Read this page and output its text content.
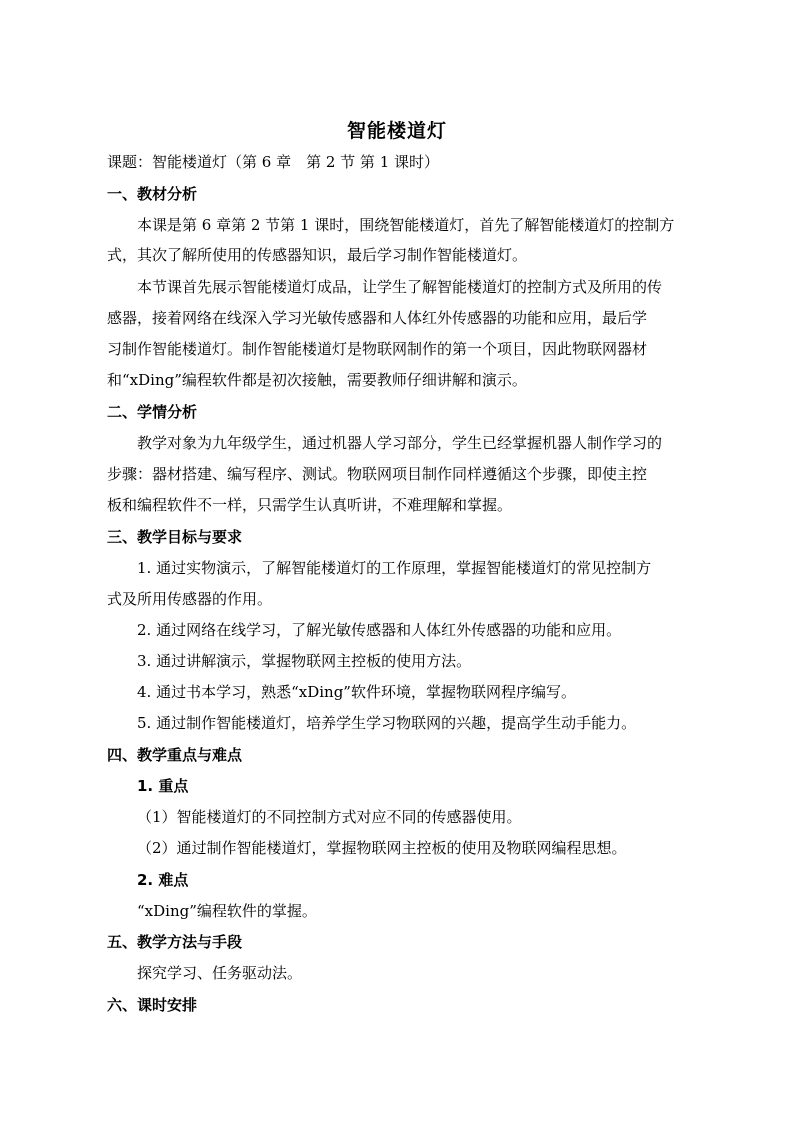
智能楼道灯
课题：智能楼道灯（第 6 章　第 2 节 第 1 课时）
一、教材分析
本课是第 6 章第 2 节第 1 课时，围绕智能楼道灯，首先了解智能楼道灯的控制方
式，其次了解所使用的传感器知识，最后学习制作智能楼道灯。
本节课首先展示智能楼道灯成品，让学生了解智能楼道灯的控制方式及所用的传
感器，接着网络在线深入学习光敏传感器和人体红外传感器的功能和应用，最后学
习制作智能楼道灯。制作智能楼道灯是物联网制作的第一个项目，因此物联网器材
和“xDing”编程软件都是初次接触，需要教师仔细讲解和演示。
二、学情分析
教学对象为九年级学生，通过机器人学习部分，学生已经掌握机器人制作学习的
步骤：器材搭建、编写程序、测试。物联网项目制作同样遵循这个步骤，即使主控
板和编程软件不一样，只需学生认真听讲，不难理解和掌握。
三、教学目标与要求
1. 通过实物演示，了解智能楼道灯的工作原理，掌握智能楼道灯的常见控制方
式及所用传感器的作用。
2. 通过网络在线学习，了解光敏传感器和人体红外传感器的功能和应用。
3. 通过讲解演示，掌握物联网主控板的使用方法。
4. 通过书本学习，熟悉“xDing”软件环境，掌握物联网程序编写。
5. 通过制作智能楼道灯，培养学生学习物联网的兴趣，提高学生动手能力。
四、教学重点与难点
1. 重点
（1）智能楼道灯的不同控制方式对应不同的传感器使用。
（2）通过制作智能楼道灯，掌握物联网主控板的使用及物联网编程思想。
2. 难点
“xDing”编程软件的掌握。
五、教学方法与手段
探究学习、任务驱动法。
六、课时安排
